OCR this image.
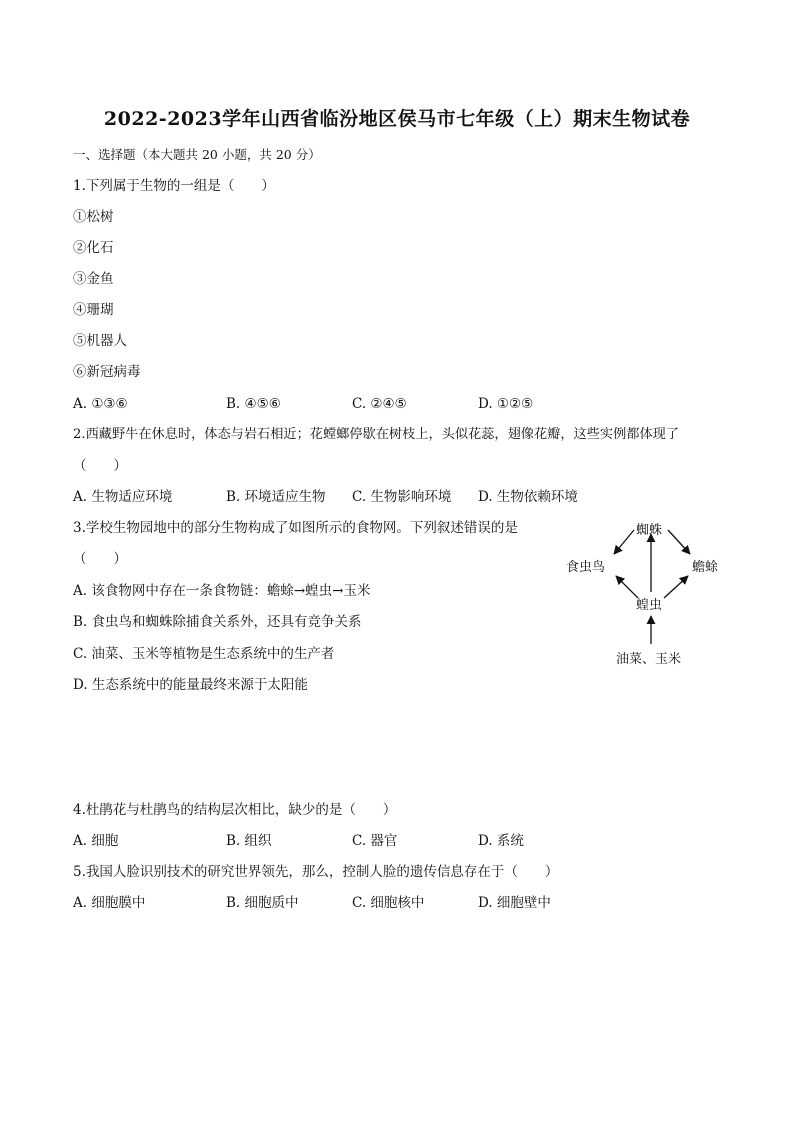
2022-2023学年山西省临汾地区侯马市七年级（上）期末生物试卷
一、选择题（本大题共 20 小题，共 20 分）
1.下列属于生物的一组是（　　）
①松树
②化石
③金鱼
④珊瑚
⑤机器人
⑥新冠病毒
A. ①③⑥	B. ④⑤⑥	C. ②④⑤	D. ①②⑤
2.西藏野牛在休息时，体态与岩石相近；花螳螂停歇在树枝上，头似花蕊，翅像花瓣，这些实例都体现了
（　　）
A. 生物适应环境	B. 环境适应生物 C. 生物影响环境 D. 生物依赖环境
3.学校生物园地中的部分生物构成了如图所示的食物网。下列叙述错误的是
（　　）
A. 该食物网中存在一条食物链：蟾蜍→蝗虫→玉米
B. 食虫鸟和蜘蛛除捕食关系外，还具有竞争关系
C. 油菜、玉米等植物是生态系统中的生产者
D. 生态系统中的能量最终来源于太阳能
蜘蛛
食虫鸟	蟾蜍
蝗虫
油菜、玉米
4.杜鹃花与杜鹃鸟的结构层次相比，缺少的是（　　）
A. 细胞	B. 组织	C. 器官	D. 系统
5.我国人脸识别技术的研究世界领先，那么，控制人脸的遗传信息存在于（　　）
A. 细胞膜中	B. 细胞质中	C. 细胞核中	D. 细胞壁中
